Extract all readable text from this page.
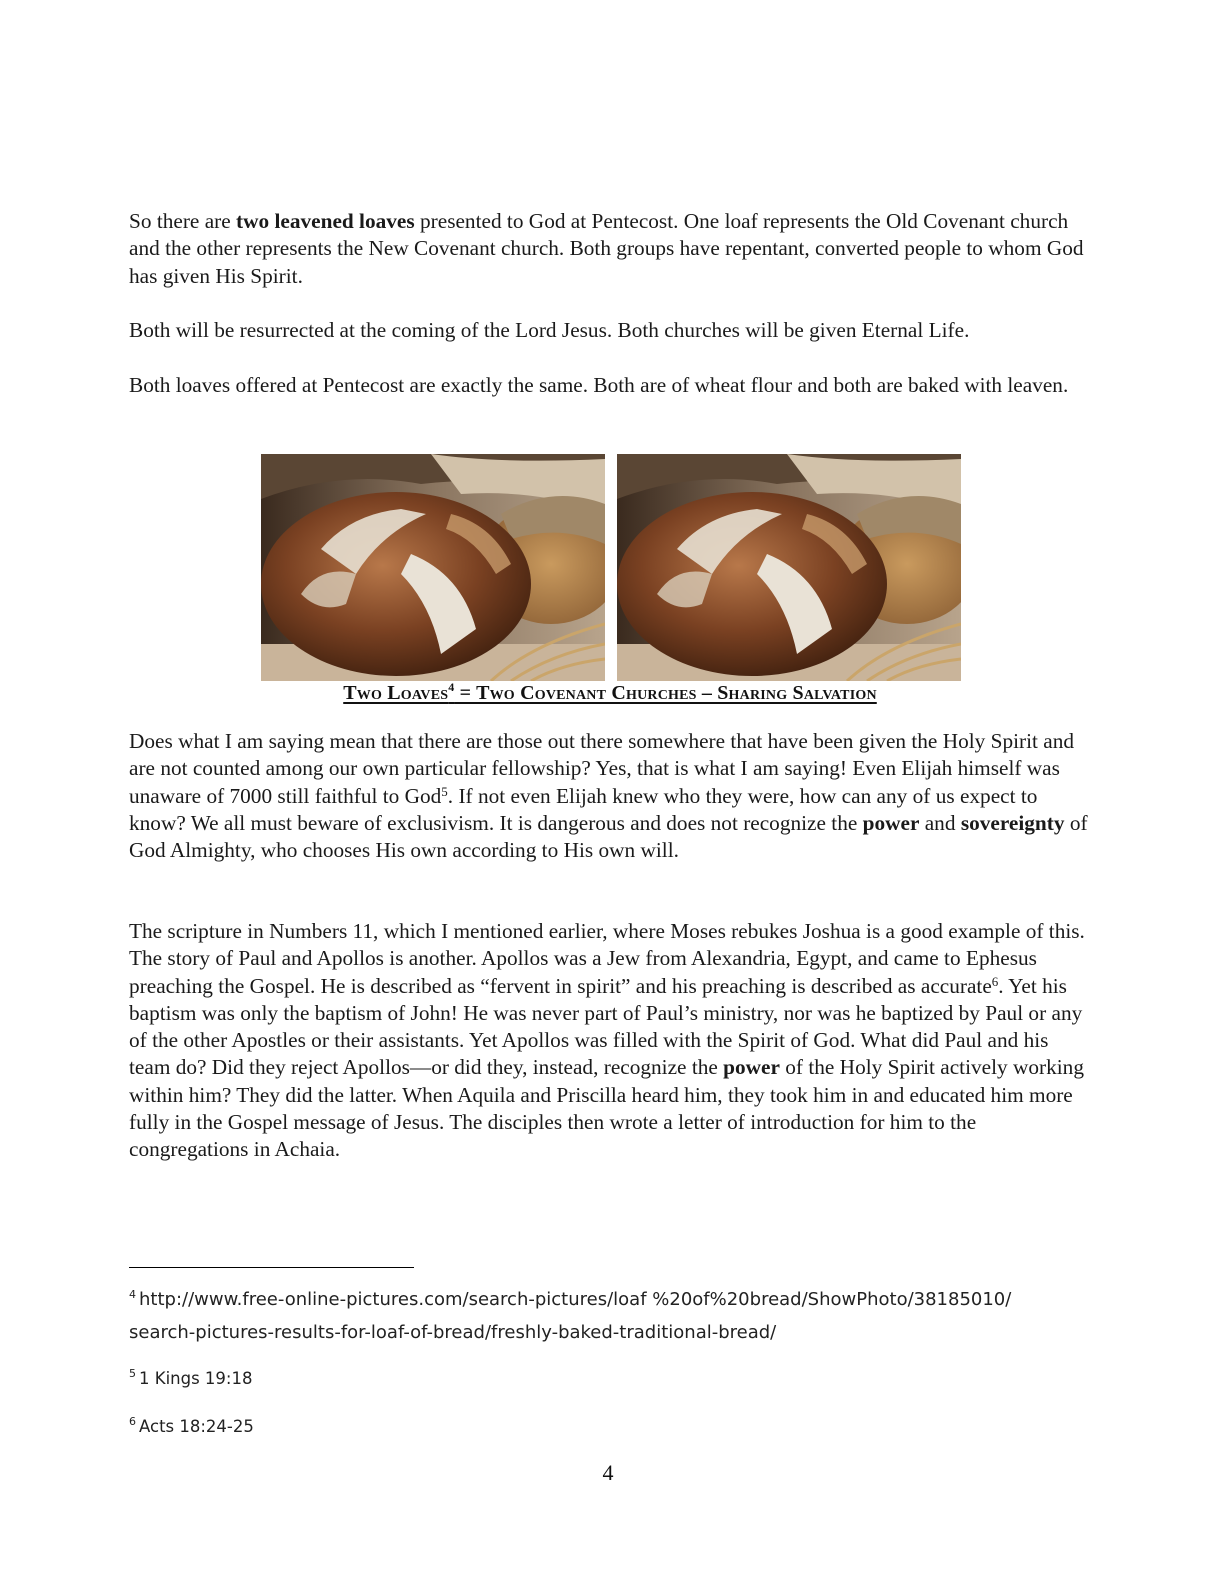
So there are two leavened loaves presented to God at Pentecost. One loaf represents the Old Covenant church and the other represents the New Covenant church. Both groups have repentant, converted people to whom God has given His Spirit.

Both will be resurrected at the coming of the Lord Jesus. Both churches will be given Eternal Life.

Both loaves offered at Pentecost are exactly the same. Both are of wheat flour and both are baked with leaven.

Two Loaves$^4$ = Two Covenant Churches – Sharing Salvation

Does what I am saying mean that there are those out there somewhere that have been given the Holy Spirit and are not counted among our own particular fellowship? Yes, that is what I am saying! Even Elijah himself was unaware of 7000 still faithful to God$^5$. If not even Elijah knew who they were, how can any of us expect to know? We all must beware of exclusivism. It is dangerous and does not recognize the power and sovereignty of God Almighty, who chooses His own according to His own will.

The scripture in Numbers 11, which I mentioned earlier, where Moses rebukes Joshua is a good example of this. The story of Paul and Apollos is another. Apollos was a Jew from Alexandria, Egypt, and came to Ephesus preaching the Gospel. He is described as “fervent in spirit” and his preaching is described as accurate$^6$. Yet his baptism was only the baptism of John! He was never part of Paul’s ministry, nor was he baptized by Paul or any of the other Apostles or their assistants. Yet Apollos was filled with the Spirit of God. What did Paul and his team do? Did they reject Apollos—or did they, instead, recognize the power of the Holy Spirit actively working within him? They did the latter. When Aquila and Priscilla heard him, they took him in and educated him more fully in the Gospel message of Jesus. The disciples then wrote a letter of introduction for him to the congregations in Achaia.

$^4$ http://www.free-online-pictures.com/search-pictures/loaf %20of%20bread/ShowPhoto/38185010/
search-pictures-results-for-loaf-of-bread/freshly-baked-traditional-bread/
$^5$ 1 Kings 19:18
$^6$ Acts 18:24-25
4
